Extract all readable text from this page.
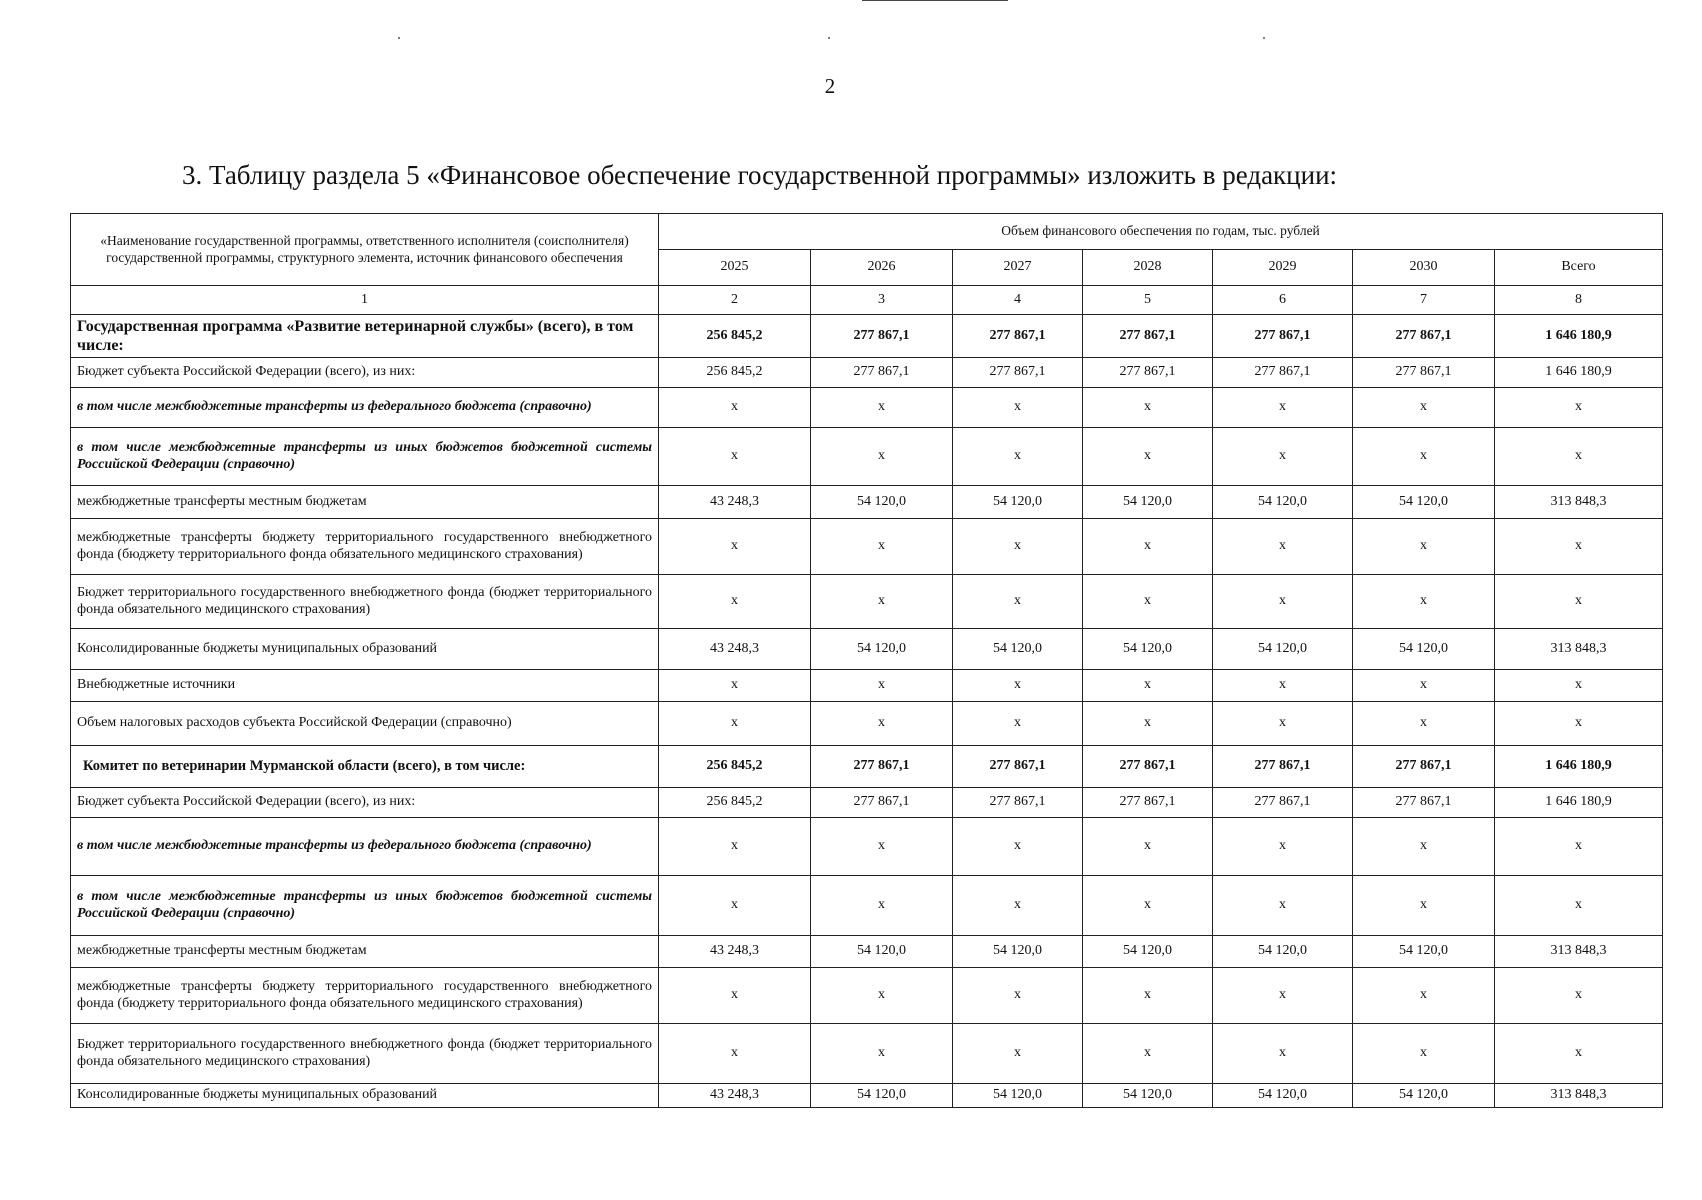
2
3. Таблицу раздела 5 «Финансовое обеспечение государственной программы» изложить в редакции:
«Наименование государственной программы, ответственного исполнителя (соисполнителя) государственной программы, структурного элемента, источник финансового обеспечения	Объем финансового обеспечения по годам, тыс. рублей						
	2025	2026	2027	2028	2029	2030	Всего
1	2	3	4	5	6	7	8
Государственная программа «Развитие ветеринарной службы» (всего), в том числе:	256 845,2	277 867,1	277 867,1	277 867,1	277 867,1	277 867,1	1 646 180,9
Бюджет субъекта Российской Федерации (всего), из них:	256 845,2	277 867,1	277 867,1	277 867,1	277 867,1	277 867,1	1 646 180,9
в том числе межбюджетные трансферты из федерального бюджета (справочно)	x	x	x	x	x	x	x
в том числе межбюджетные трансферты из иных бюджетов бюджетной системы Российской Федерации (справочно)	x	x	x	x	x	x	x
межбюджетные трансферты местным бюджетам	43 248,3	54 120,0	54 120,0	54 120,0	54 120,0	54 120,0	313 848,3
межбюджетные трансферты бюджету территориального государственного внебюджетного фонда (бюджету территориального фонда обязательного медицинского страхования)	x	x	x	x	x	x	x
Бюджет территориального государственного внебюджетного фонда (бюджет территориального фонда обязательного медицинского страхования)	x	x	x	x	x	x	x
Консолидированные бюджеты муниципальных образований	43 248,3	54 120,0	54 120,0	54 120,0	54 120,0	54 120,0	313 848,3
Внебюджетные источники	x	x	x	x	x	x	x
Объем налоговых расходов субъекта Российской Федерации (справочно)	x	x	x	x	x	x	x
Комитет по ветеринарии Мурманской области (всего), в том числе:	256 845,2	277 867,1	277 867,1	277 867,1	277 867,1	277 867,1	1 646 180,9
Бюджет субъекта Российской Федерации (всего), из них:	256 845,2	277 867,1	277 867,1	277 867,1	277 867,1	277 867,1	1 646 180,9
в том числе межбюджетные трансферты из федерального бюджета (справочно)	x	x	x	x	x	x	x
в том числе межбюджетные трансферты из иных бюджетов бюджетной системы Российской Федерации (справочно)	x	x	x	x	x	x	x
межбюджетные трансферты местным бюджетам	43 248,3	54 120,0	54 120,0	54 120,0	54 120,0	54 120,0	313 848,3
межбюджетные трансферты бюджету территориального государственного внебюджетного фонда (бюджету территориального фонда обязательного медицинского страхования)	x	x	x	x	x	x	x
Бюджет территориального государственного внебюджетного фонда (бюджет территориального фонда обязательного медицинского страхования)	x	x	x	x	x	x	x
Консолидированные бюджеты муниципальных образований	43 248,3	54 120,0	54 120,0	54 120,0	54 120,0	54 120,0	313 848,3
